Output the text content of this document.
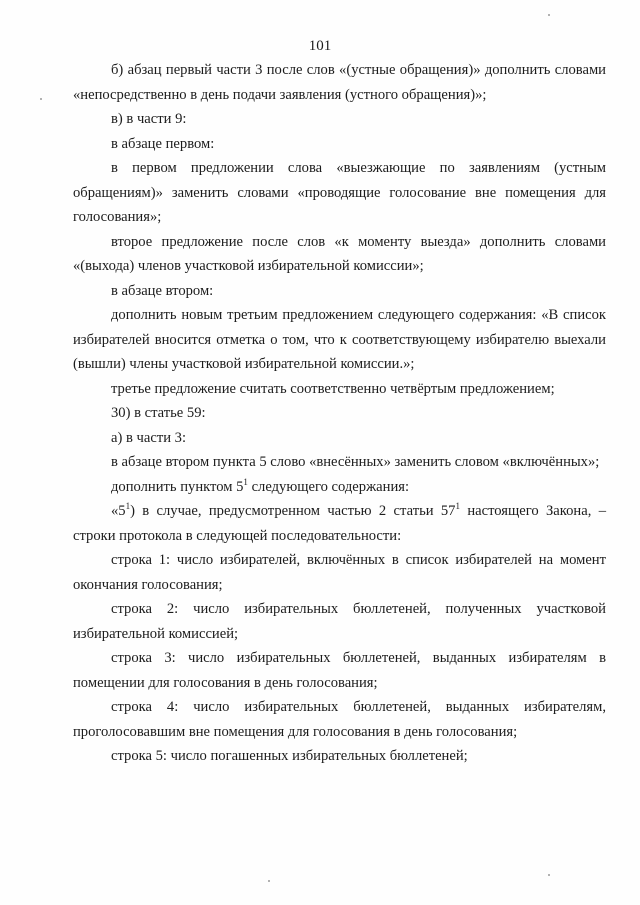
101
б) абзац первый части 3 после слов «(устные обращения)» дополнить словами «непосредственно в день подачи заявления (устного обращения)»;
в) в части 9:
в абзаце первом:
в первом предложении слова «выезжающие по заявлениям (устным обращениям)» заменить словами «проводящие голосование вне помещения для голосования»;
второе предложение после слов «к моменту выезда» дополнить словами «(выхода) членов участковой избирательной комиссии»;
в абзаце втором:
дополнить новым третьим предложением следующего содержания: «В список избирателей вносится отметка о том, что к соответствующему избирателю выехали (вышли) члены участковой избирательной комиссии.»;
третье предложение считать соответственно четвёртым предложением;
30) в статье 59:
а) в части 3:
в абзаце втором пункта 5 слово «внесённых» заменить словом «включённых»;
дополнить пунктом $5^1$ следующего содержания:
«$5^1$) в случае, предусмотренном частью 2 статьи $57^1$ настоящего Закона, – строки протокола в следующей последовательности:
строка 1: число избирателей, включённых в список избирателей на момент окончания голосования;
строка 2: число избирательных бюллетеней, полученных участковой избирательной комиссией;
строка 3: число избирательных бюллетеней, выданных избирателям в помещении для голосования в день голосования;
строка 4: число избирательных бюллетеней, выданных избирателям, проголосовавшим вне помещения для голосования в день голосования;
строка 5: число погашенных избирательных бюллетеней;
